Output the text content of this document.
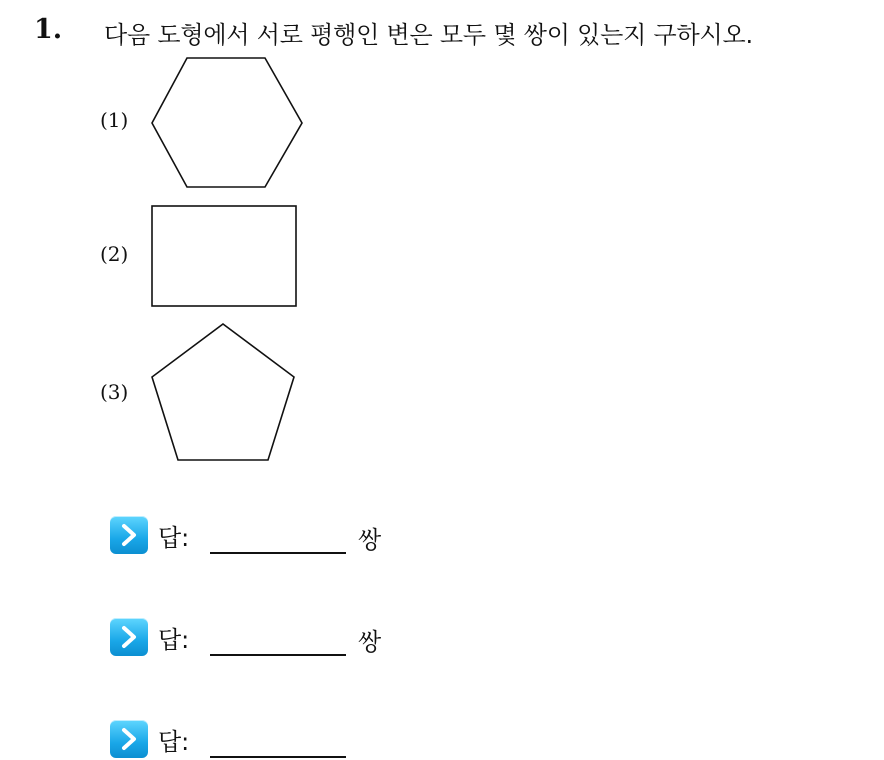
1. 다음 도형에서 서로 평행인 변은 모두 몇 쌍이 있는지 구하시오.
(1)
(2)
(3)
답:	쌍
답:	쌍
답:
